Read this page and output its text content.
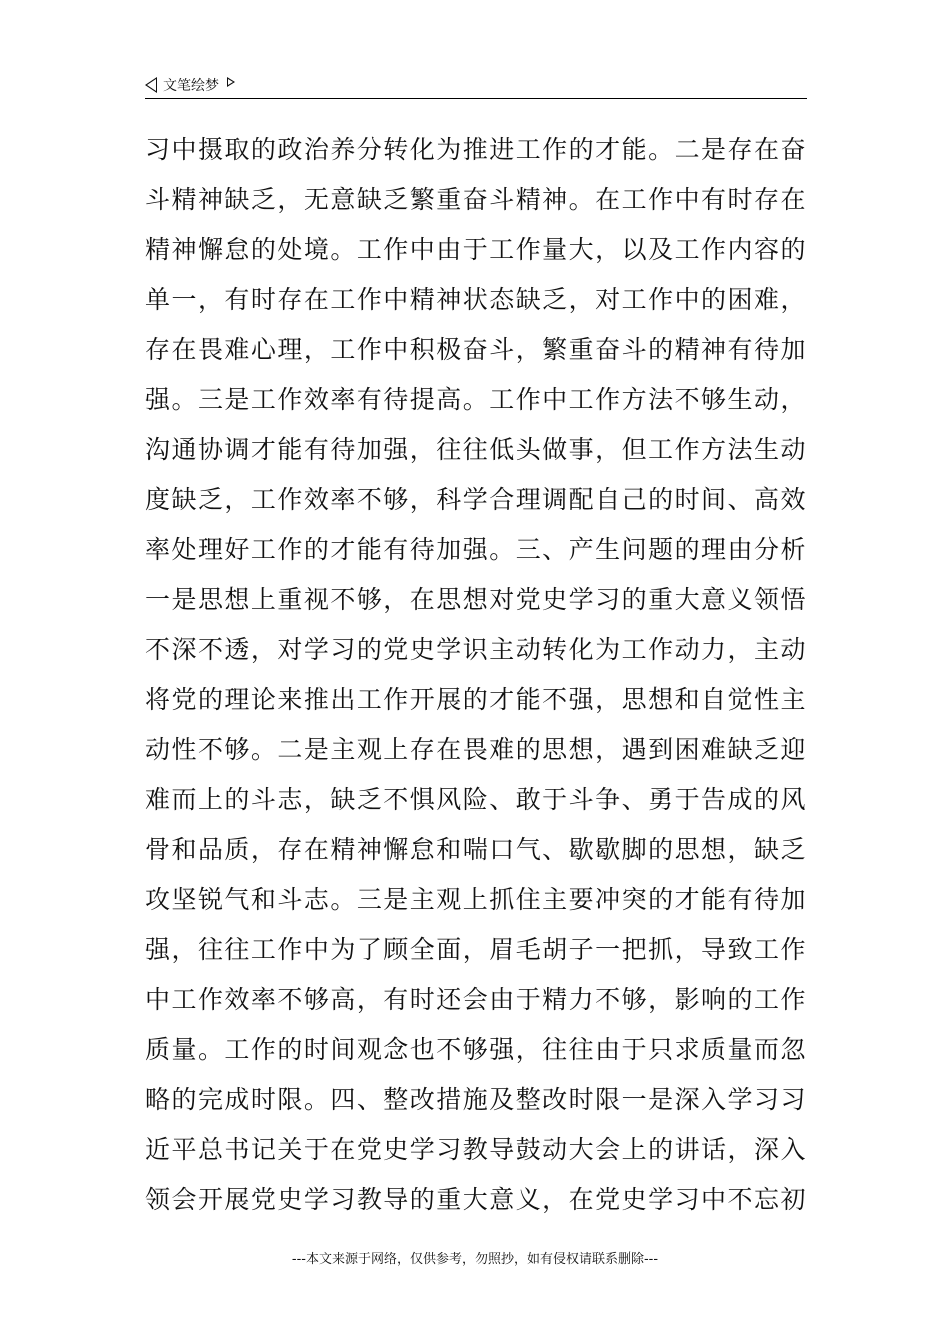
文笔绘梦
习中摄取的政治养分转化为推进工作的才能。二是存在奋
斗精神缺乏，无意缺乏繁重奋斗精神。在工作中有时存在
精神懈怠的处境。工作中由于工作量大，以及工作内容的
单一，有时存在工作中精神状态缺乏，对工作中的困难，
存在畏难心理，工作中积极奋斗，繁重奋斗的精神有待加
强。三是工作效率有待提高。工作中工作方法不够生动，
沟通协调才能有待加强，往往低头做事，但工作方法生动
度缺乏，工作效率不够，科学合理调配自己的时间、高效
率处理好工作的才能有待加强。三、产生问题的理由分析
一是思想上重视不够，在思想对党史学习的重大意义领悟
不深不透，对学习的党史学识主动转化为工作动力，主动
将党的理论来推出工作开展的才能不强，思想和自觉性主
动性不够。二是主观上存在畏难的思想，遇到困难缺乏迎
难而上的斗志，缺乏不惧风险、敢于斗争、勇于告成的风
骨和品质，存在精神懈怠和喘口气、歇歇脚的思想，缺乏
攻坚锐气和斗志。三是主观上抓住主要冲突的才能有待加
强，往往工作中为了顾全面，眉毛胡子一把抓，导致工作
中工作效率不够高，有时还会由于精力不够，影响的工作
质量。工作的时间观念也不够强，往往由于只求质量而忽
略的完成时限。四、整改措施及整改时限一是深入学习习
近平总书记关于在党史学习教导鼓动大会上的讲话，深入
领会开展党史学习教导的重大意义，在党史学习中不忘初
---本文来源于网络，仅供参考，勿照抄，如有侵权请联系删除---
